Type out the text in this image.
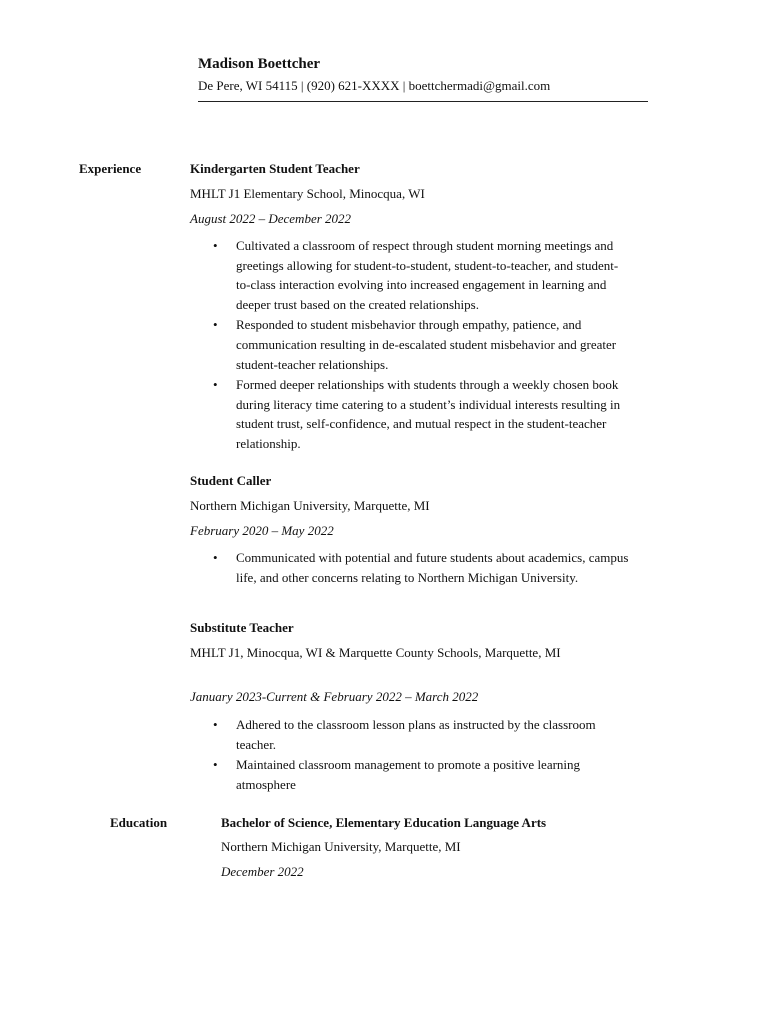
Madison Boettcher
De Pere, WI 54115 | (920) 621-XXXX | boettchermadi@gmail.com
Experience	Kindergarten Student Teacher
MHLT J1 Elementary School, Minocqua, WI
August 2022 – December 2022
• Cultivated a classroom of respect through student morning meetings and greetings allowing for student-to-student, student-to-teacher, and student-to-class interaction evolving into increased engagement in learning and deeper trust based on the created relationships.
• Responded to student misbehavior through empathy, patience, and communication resulting in de-escalated student misbehavior and greater student-teacher relationships.
• Formed deeper relationships with students through a weekly chosen book during literacy time catering to a student’s individual interests resulting in student trust, self-confidence, and mutual respect in the student-teacher relationship.
Student Caller
Northern Michigan University, Marquette, MI
February 2020 – May 2022
• Communicated with potential and future students about academics, campus life, and other concerns relating to Northern Michigan University.
Substitute Teacher
MHLT J1, Minocqua, WI & Marquette County Schools, Marquette, MI
January 2023-Current & February 2022 – March 2022
• Adhered to the classroom lesson plans as instructed by the classroom teacher.
• Maintained classroom management to promote a positive learning atmosphere
Education	Bachelor of Science, Elementary Education Language Arts
Northern Michigan University, Marquette, MI
December 2022
